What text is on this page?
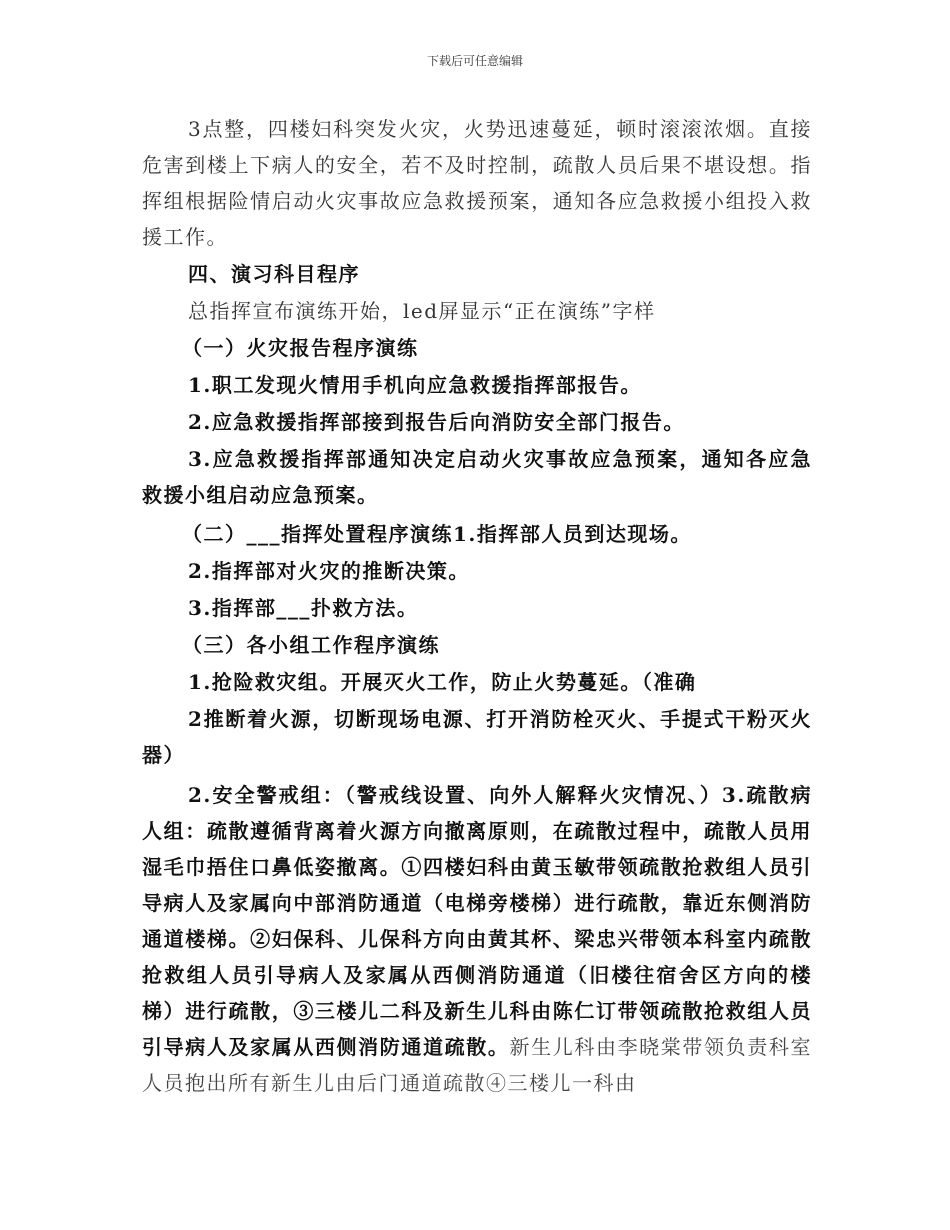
下载后可任意编辑

3点整，四楼妇科突发火灾，火势迅速蔓延，顿时滚滚浓烟。直接危害到楼上下病人的安全，若不及时控制，疏散人员后果不堪设想。指挥组根据险情启动火灾事故应急救援预案，通知各应急救援小组投入救援工作。

四、演习科目程序

总指挥宣布演练开始，led屏显示“正在演练”字样

（一）火灾报告程序演练

1.职工发现火情用手机向应急救援指挥部报告。

2.应急救援指挥部接到报告后向消防安全部门报告。

3.应急救援指挥部通知决定启动火灾事故应急预案，通知各应急救援小组启动应急预案。

（二）___指挥处置程序演练1.指挥部人员到达现场。

2.指挥部对火灾的推断决策。

3.指挥部___扑救方法。

（三）各小组工作程序演练

1.抢险救灾组。开展灭火工作，防止火势蔓延。（准确

2推断着火源，切断现场电源、打开消防栓灭火、手提式干粉灭火器）

2.安全警戒组：（警戒线设置、向外人解释火灾情况、）3.疏散病人组：疏散遵循背离着火源方向撤离原则，在疏散过程中，疏散人员用湿毛巾捂住口鼻低姿撤离。①四楼妇科由黄玉敏带领疏散抢救组人员引导病人及家属向中部消防通道（电梯旁楼梯）进行疏散，靠近东侧消防通道楼梯。②妇保科、儿保科方向由黄其杯、梁忠兴带领本科室内疏散抢救组人员引导病人及家属从西侧消防通道（旧楼往宿舍区方向的楼梯）进行疏散，③三楼儿二科及新生儿科由陈仁订带领疏散抢救组人员引导病人及家属从西侧消防通道疏散。新生儿科由李晓棠带领负责科室人员抱出所有新生儿由后门通道疏散④三楼儿一科由
